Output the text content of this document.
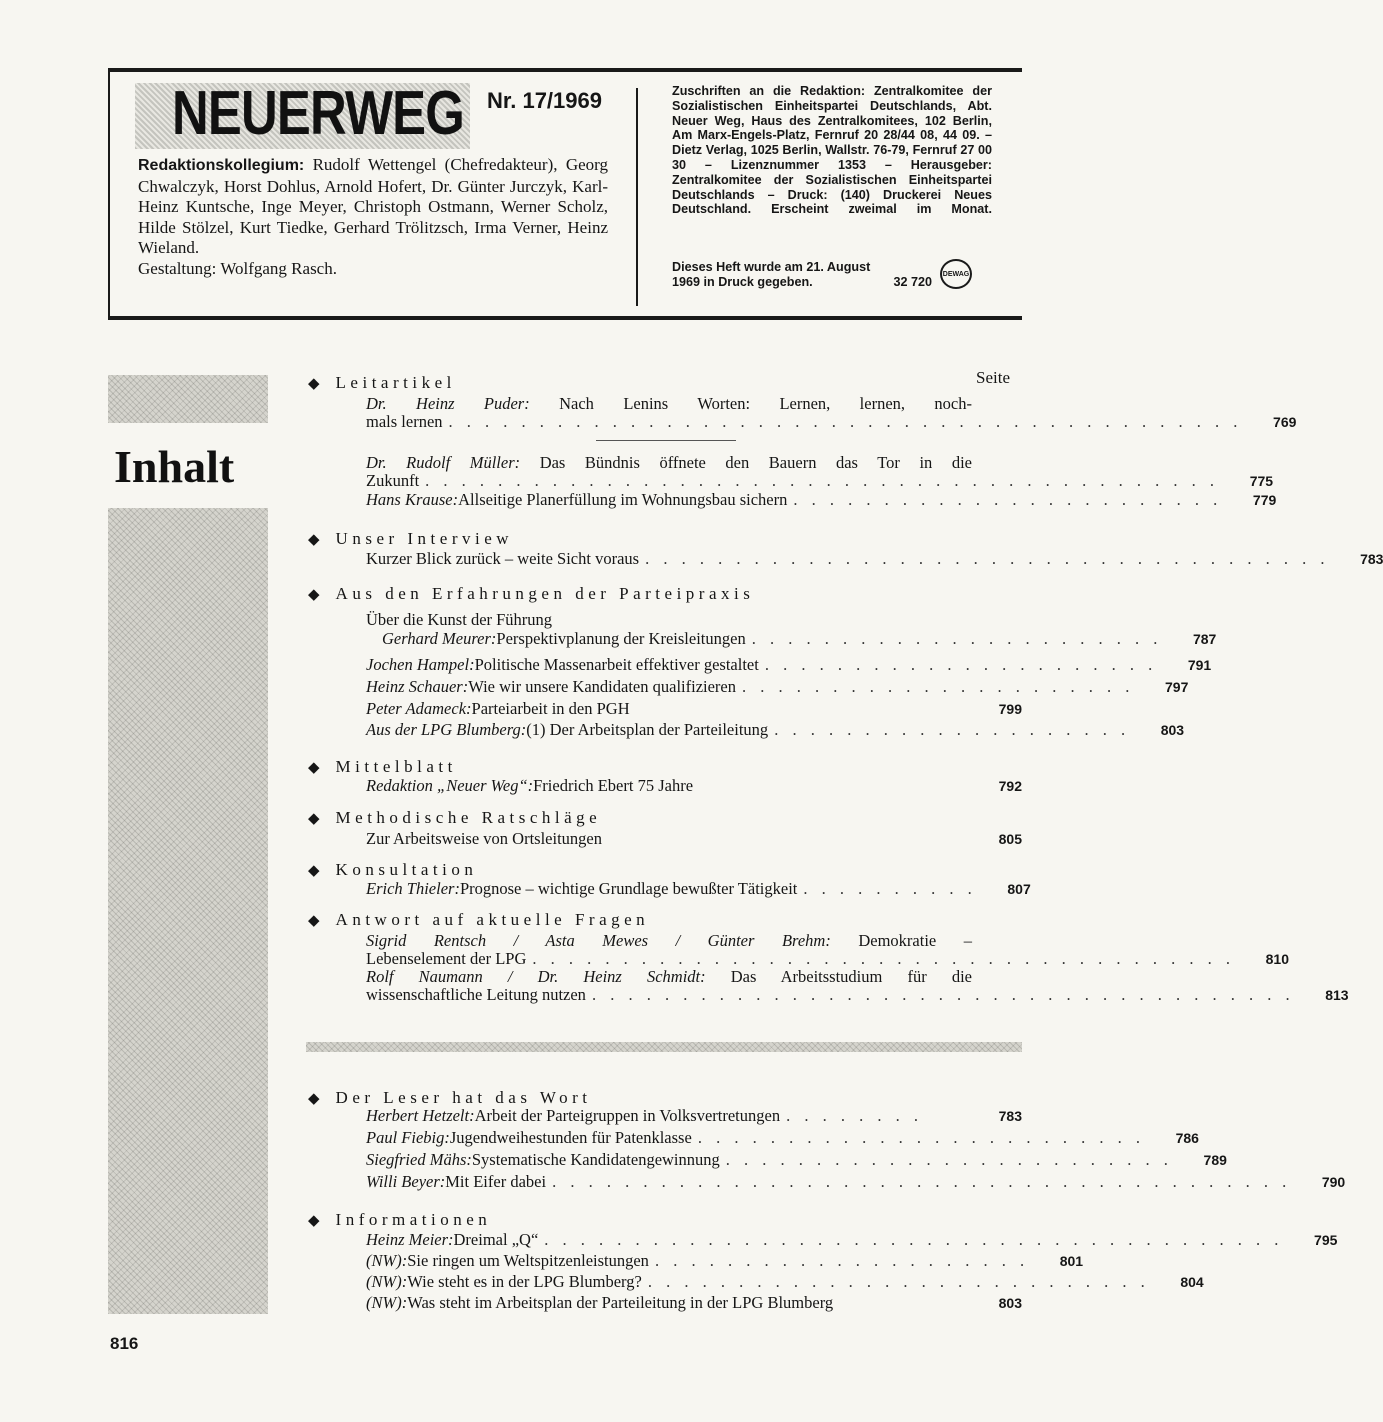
NEUERWEG Nr. 17/1969
Redaktionskollegium: Rudolf Wettengel (Chefredakteur), Georg Chwalczyk, Horst Dohlus, Arnold Hofert, Dr. Günter Jurczyk, Karl-Heinz Kuntsche, Inge Meyer, Christoph Ostmann, Werner Scholz, Hilde Stölzel, Kurt Tiedke, Gerhard Trölitzsch, Irma Verner, Heinz Wieland.
Gestaltung: Wolfgang Rasch.
Zuschriften an die Redaktion: Zentralkomitee der Sozialistischen Einheitspartei Deutschlands, Abt. Neuer Weg, Haus des Zentralkomitees, 102 Berlin, Am Marx-Engels-Platz, Fernruf 20 28/44 08, 44 09. – Dietz Verlag, 1025 Berlin, Wallstr. 76-79, Fernruf 27 00 30 – Lizenznummer 1353 – Herausgeber: Zentralkomitee der Sozialistischen Einheitspartei Deutschlands – Druck: (140) Druckerei Neues Deutschland. Erscheint zweimal im Monat.
Dieses Heft wurde am 21. August
1969 in Druck gegeben.	32 720
DEWAG
Inhalt
Seite
◆ Leitartikel
Dr. Heinz Puder: Nach Lenins Worten: Lernen, lernen, noch-
mals lernen . . . . . . . . . . . . . . . . . . . . . . . . . . . . . . . . . . . . . . . . . . . .	769
Dr. Rudolf Müller: Das Bündnis öffnete den Bauern das Tor in die
Zukunft . . . . . . . . . . . . . . . . . . . . . . . . . . . . . . . . . . . . . . . . . . . .	775
Hans Krause: Allseitige Planerfüllung im Wohnungsbau sichern . . . . . . . . . . . . . . . . . . . . . . . .	779
◆ Unser Interview
Kurzer Blick zurück – weite Sicht voraus . . . . . . . . . . . . . . . . . . . . . . . . . . . . . . . . . . . . . .	783
◆ Aus den Erfahrungen der Parteipraxis
Über die Kunst der Führung
Gerhard Meurer: Perspektivplanung der Kreisleitungen . . . . . . . . . . . . . . . . . . . . . . .	787
Jochen Hampel: Politische Massenarbeit effektiver gestaltet . . . . . . . . . . . . . . . . . . . . . .	791
Heinz Schauer: Wie wir unsere Kandidaten qualifizieren . . . . . . . . . . . . . . . . . . . . . .	797
Peter Adameck: Parteiarbeit in den PGH	799
Aus der LPG Blumberg: (1) Der Arbeitsplan der Parteileitung . . . . . . . . . . . . . . . . . . . .	803
◆ Mittelblatt
Redaktion „Neuer Weg“: Friedrich Ebert 75 Jahre	792
◆ Methodische Ratschläge
Zur Arbeitsweise von Ortsleitungen	805
◆ Konsultation
Erich Thieler: Prognose – wichtige Grundlage bewußter Tätigkeit . . . . . . . . . .	807
◆ Antwort auf aktuelle Fragen
Sigrid Rentsch / Asta Mewes / Günter Brehm: Demokratie –
Lebenselement der LPG . . . . . . . . . . . . . . . . . . . . . . . . . . . . . . . . . . . . . . .	810
Rolf Naumann / Dr. Heinz Schmidt: Das Arbeitsstudium für die
wissenschaftliche Leitung nutzen . . . . . . . . . . . . . . . . . . . . . . . . . . . . . . . . . . . . . . .	813
◆ Der Leser hat das Wort
Herbert Hetzelt: Arbeit der Parteigruppen in Volksvertretungen . . . . . . . .	783
Paul Fiebig: Jugendweihestunden für Patenklasse . . . . . . . . . . . . . . . . . . . . . . . . .	786
Siegfried Mähs: Systematische Kandidatengewinnung . . . . . . . . . . . . . . . . . . . . . . . . .	789
Willi Beyer: Mit Eifer dabei . . . . . . . . . . . . . . . . . . . . . . . . . . . . . . . . . . . . . . . . .	790
◆ Informationen
Heinz Meier: Dreimal „Q“ . . . . . . . . . . . . . . . . . . . . . . . . . . . . . . . . . . . . . . . . .	795
(NW): Sie ringen um Weltspitzenleistungen . . . . . . . . . . . . . . . . . . . . .	801
(NW): Wie steht es in der LPG Blumberg? . . . . . . . . . . . . . . . . . . . . . . . . . . . .	804
(NW): Was steht im Arbeitsplan der Parteileitung in der LPG Blumberg	803
816
